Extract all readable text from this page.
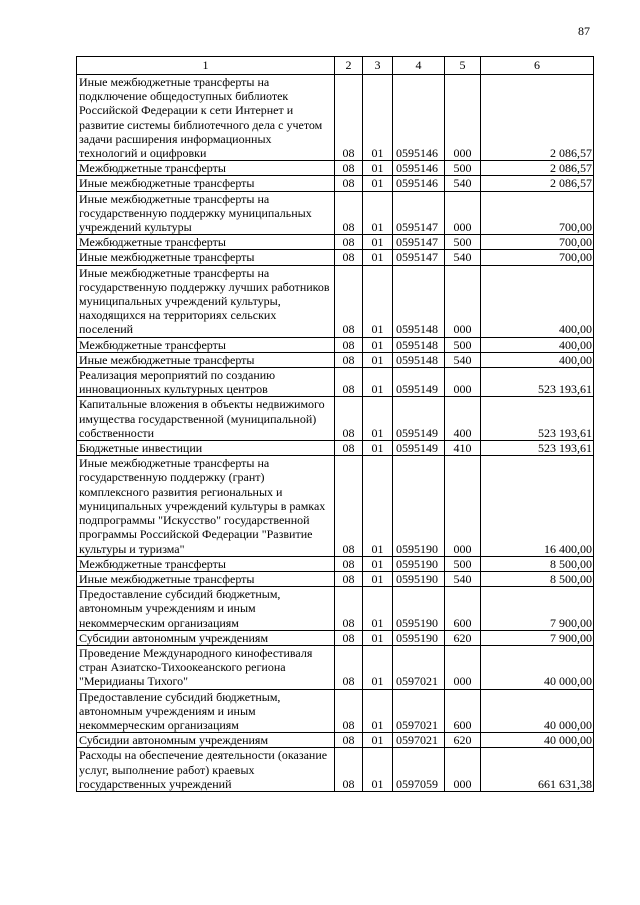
87
1	2	3	4	5	6
Иные межбюджетные трансферты на подключение общедоступных библиотек Российской Федерации к сети Интернет и развитие системы библиотечного дела с учетом задачи расширения информационных технологий и оцифровки	08	01	0595146	000	2 086,57
Межбюджетные трансферты	08	01	0595146	500	2 086,57
Иные межбюджетные трансферты	08	01	0595146	540	2 086,57
Иные межбюджетные трансферты на государственную поддержку муниципальных учреждений культуры	08	01	0595147	000	700,00
Межбюджетные трансферты	08	01	0595147	500	700,00
Иные межбюджетные трансферты	08	01	0595147	540	700,00
Иные межбюджетные трансферты на государственную поддержку лучших работников муниципальных учреждений культуры, находящихся на территориях сельских поселений	08	01	0595148	000	400,00
Межбюджетные трансферты	08	01	0595148	500	400,00
Иные межбюджетные трансферты	08	01	0595148	540	400,00
Реализация мероприятий по созданию инновационных культурных центров	08	01	0595149	000	523 193,61
Капитальные вложения в объекты недвижимого имущества государственной (муниципальной) собственности	08	01	0595149	400	523 193,61
Бюджетные инвестиции	08	01	0595149	410	523 193,61
Иные межбюджетные трансферты на государственную поддержку (грант) комплексного развития региональных и муниципальных учреждений культуры в рамках подпрограммы "Искусство" государственной программы Российской Федерации "Развитие культуры и туризма"	08	01	0595190	000	16 400,00
Межбюджетные трансферты	08	01	0595190	500	8 500,00
Иные межбюджетные трансферты	08	01	0595190	540	8 500,00
Предоставление субсидий бюджетным, автономным учреждениям и иным некоммерческим организациям	08	01	0595190	600	7 900,00
Субсидии автономным учреждениям	08	01	0595190	620	7 900,00
Проведение Международного кинофестиваля стран Азиатско-Тихоокеанского региона "Меридианы Тихого"	08	01	0597021	000	40 000,00
Предоставление субсидий бюджетным, автономным учреждениям и иным некоммерческим организациям	08	01	0597021	600	40 000,00
Субсидии автономным учреждениям	08	01	0597021	620	40 000,00
Расходы на обеспечение деятельности (оказание услуг, выполнение работ) краевых государственных учреждений	08	01	0597059	000	661 631,38
